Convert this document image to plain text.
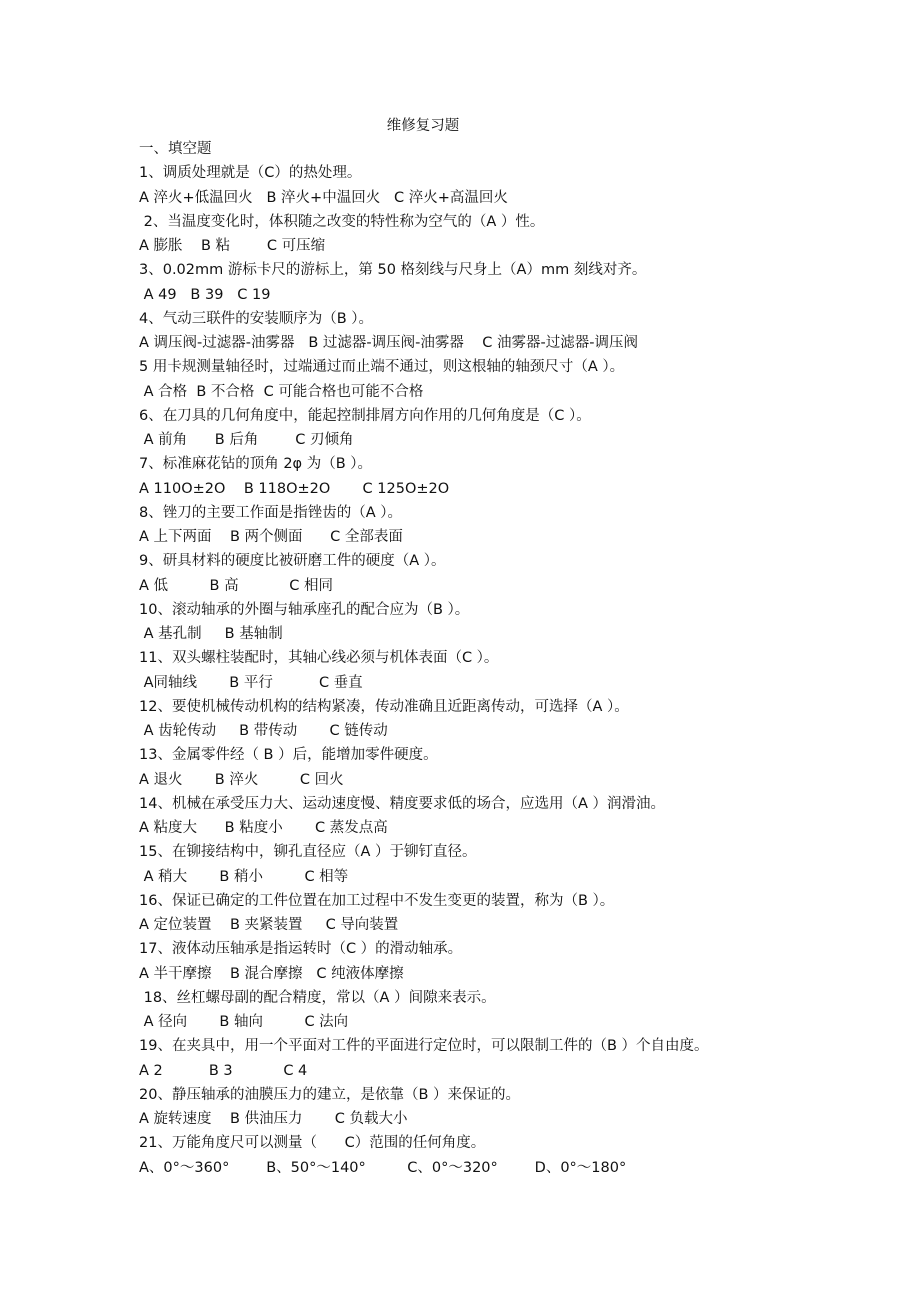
维修复习题
一、填空题
1、调质处理就是（C）的热处理。
A 淬火+低温回火   B 淬火+中温回火   C 淬火+高温回火
2、当温度变化时，体积随之改变的特性称为空气的（A ）性。
A 膨胀    B 粘        C 可压缩
3、0.02mm 游标卡尺的游标上，第 50 格刻线与尺身上（A）mm 刻线对齐。
A 49   B 39   C 19
4、气动三联件的安装顺序为（B ）。
A 调压阀-过滤器-油雾器   B 过滤器-调压阀-油雾器    C 油雾器-过滤器-调压阀
5 用卡规测量轴径时，过端通过而止端不通过，则这根轴的轴颈尺寸（A ）。
A 合格  B 不合格  C 可能合格也可能不合格
6、在刀具的几何角度中，能起控制排屑方向作用的几何角度是（C ）。
A 前角      B 后角        C 刃倾角
7、标准麻花钻的顶角 2φ 为（B ）。
A 110O±2O    B 118O±2O       C 125O±2O
8、锉刀的主要工作面是指锉齿的（A ）。
A 上下两面    B 两个侧面      C 全部表面
9、研具材料的硬度比被研磨工件的硬度（A ）。
A 低         B 高           C 相同
10、滚动轴承的外圈与轴承座孔的配合应为（B ）。
A 基孔制     B 基轴制
11、双头螺柱装配时，其轴心线必须与机体表面（C ）。
A同轴线       B 平行          C 垂直
12、要使机械传动机构的结构紧凑，传动准确且近距离传动，可选择（A ）。
A 齿轮传动     B 带传动       C 链传动
13、金属零件经（ B ）后，能增加零件硬度。
A 退火       B 淬火         C 回火
14、机械在承受压力大、运动速度慢、精度要求低的场合，应选用（A ）润滑油。
A 粘度大      B 粘度小       C 蒸发点高
15、在铆接结构中，铆孔直径应（A ）于铆钉直径。
A 稍大       B 稍小         C 相等
16、保证已确定的工件位置在加工过程中不发生变更的装置，称为（B ）。
A 定位装置    B 夹紧装置     C 导向装置
17、液体动压轴承是指运转时（C ）的滑动轴承。
A 半干摩擦    B 混合摩擦   C 纯液体摩擦
18、丝杠螺母副的配合精度，常以（A ）间隙来表示。
A 径向       B 轴向         C 法向
19、在夹具中，用一个平面对工件的平面进行定位时，可以限制工件的（B ）个自由度。
A 2          B 3           C 4
20、静压轴承的油膜压力的建立，是依靠（B ）来保证的。
A 旋转速度    B 供油压力       C 负载大小
21、万能角度尺可以测量（      C）范围的任何角度。
A、0°～360°        B、50°～140°         C、0°～320°        D、0°～180°
